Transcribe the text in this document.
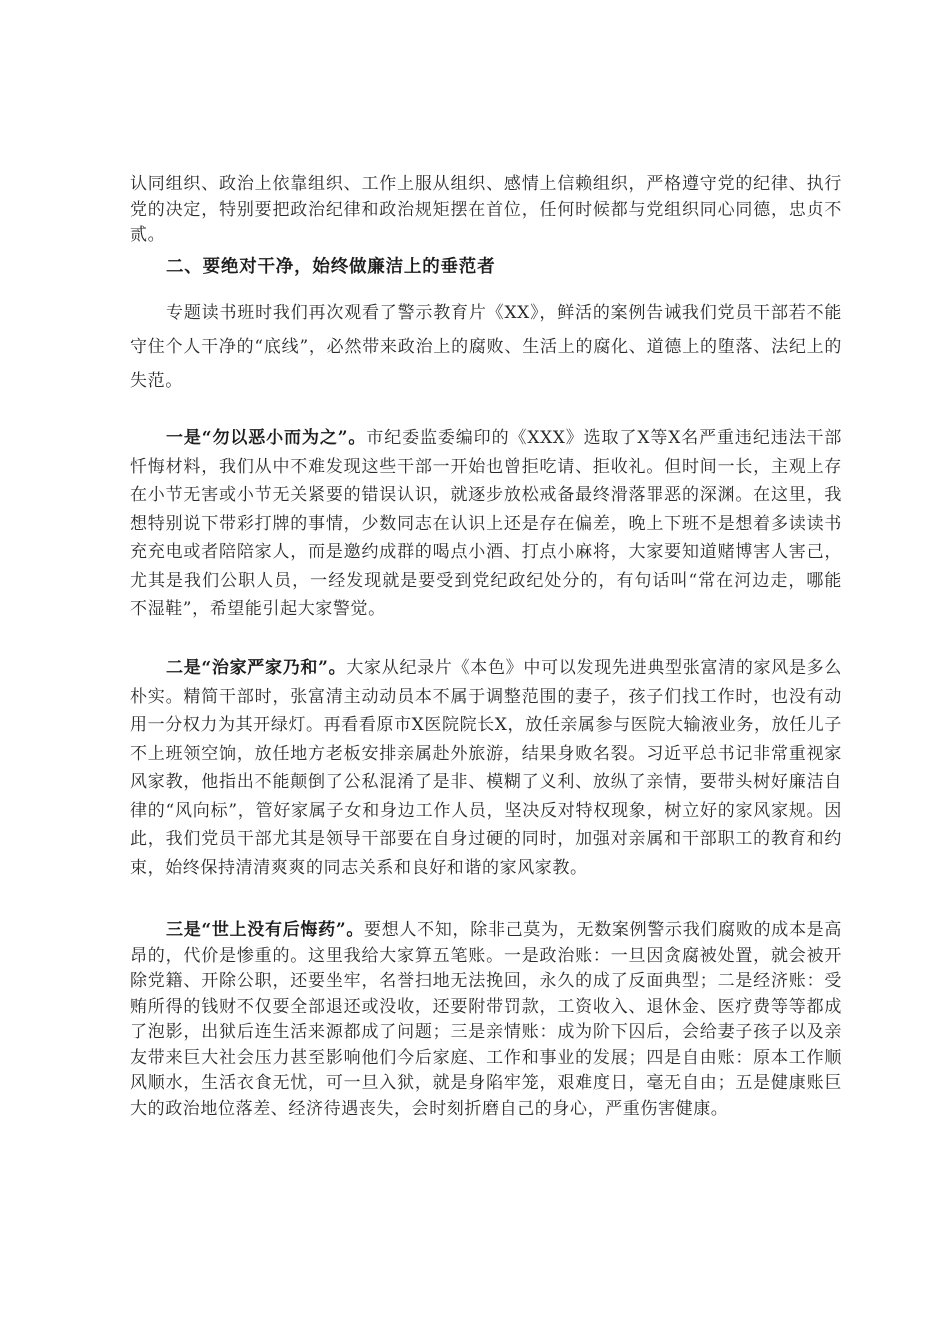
认同组织、政治上依靠组织、工作上服从组织、感情上信赖组织，严格遵守党的纪律、执行党的决定，特别要把政治纪律和政治规矩摆在首位，任何时候都与党组织同心同德，忠贞不贰。

二、要绝对干净，始终做廉洁上的垂范者

专题读书班时我们再次观看了警示教育片《XX》，鲜活的案例告诫我们党员干部若不能守住个人干净的“底线”，必然带来政治上的腐败、生活上的腐化、道德上的堕落、法纪上的失范。

一是“勿以恶小而为之”。市纪委监委编印的《XXX》选取了X等X名严重违纪违法干部忏悔材料，我们从中不难发现这些干部一开始也曾拒吃请、拒收礼。但时间一长，主观上存在小节无害或小节无关紧要的错误认识，就逐步放松戒备最终滑落罪恶的深渊。在这里，我想特别说下带彩打牌的事情，少数同志在认识上还是存在偏差，晚上下班不是想着多读读书充充电或者陪陪家人，而是邀约成群的喝点小酒、打点小麻将，大家要知道赌博害人害己，尤其是我们公职人员，一经发现就是要受到党纪政纪处分的，有句话叫“常在河边走，哪能不湿鞋”，希望能引起大家警觉。

二是“治家严家乃和”。大家从纪录片《本色》中可以发现先进典型张富清的家风是多么朴实。精简干部时，张富清主动动员本不属于调整范围的妻子，孩子们找工作时，也没有动用一分权力为其开绿灯。再看看原市X医院院长X，放任亲属参与医院大输液业务，放任儿子不上班领空饷，放任地方老板安排亲属赴外旅游，结果身败名裂。习近平总书记非常重视家风家教，他指出不能颠倒了公私混淆了是非、模糊了义利、放纵了亲情，要带头树好廉洁自律的“风向标”，管好家属子女和身边工作人员，坚决反对特权现象，树立好的家风家规。因此，我们党员干部尤其是领导干部要在自身过硬的同时，加强对亲属和干部职工的教育和约束，始终保持清清爽爽的同志关系和良好和谐的家风家教。

三是“世上没有后悔药”。要想人不知，除非己莫为，无数案例警示我们腐败的成本是高昂的，代价是惨重的。这里我给大家算五笔账。一是政治账：一旦因贪腐被处置，就会被开除党籍、开除公职，还要坐牢，名誉扫地无法挽回，永久的成了反面典型；二是经济账：受贿所得的钱财不仅要全部退还或没收，还要附带罚款，工资收入、退休金、医疗费等等都成了泡影，出狱后连生活来源都成了问题；三是亲情账：成为阶下囚后，会给妻子孩子以及亲友带来巨大社会压力甚至影响他们今后家庭、工作和事业的发展；四是自由账：原本工作顺风顺水，生活衣食无忧，可一旦入狱，就是身陷牢笼，艰难度日，毫无自由；五是健康账巨大的政治地位落差、经济待遇丧失，会时刻折磨自己的身心，严重伤害健康。
